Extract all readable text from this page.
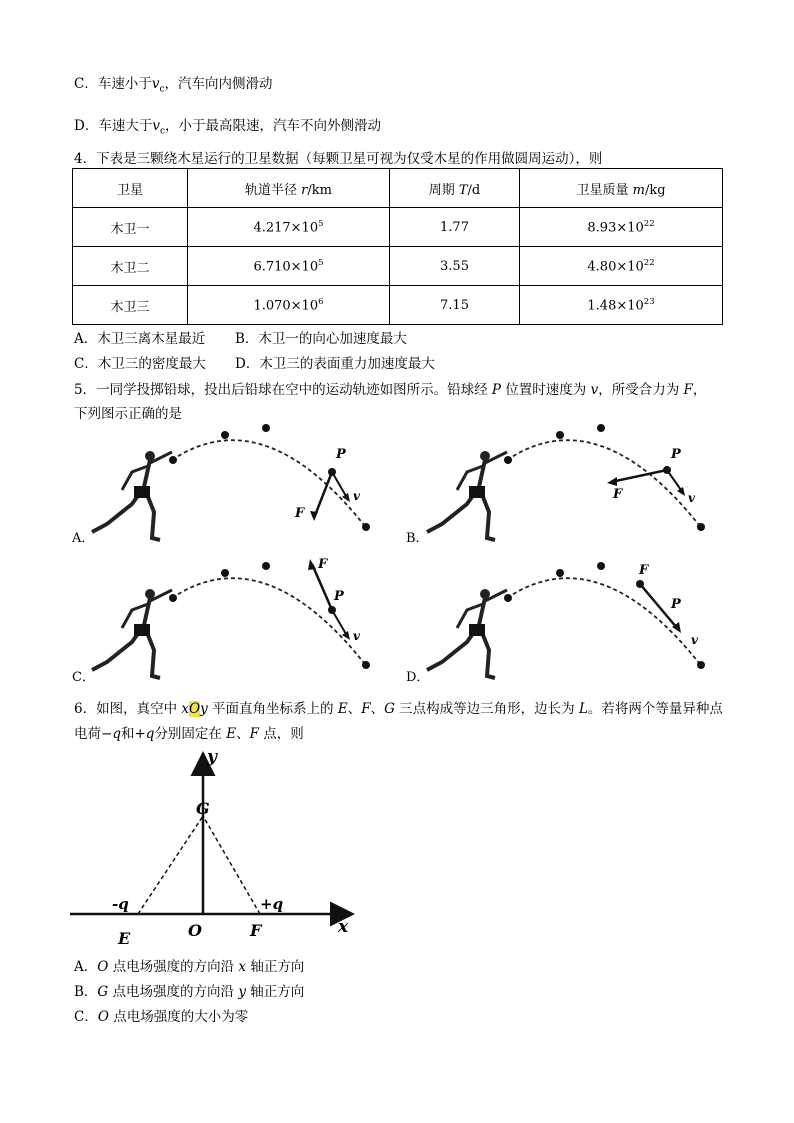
C．车速小于$v_c$，汽车向内侧滑动
D．车速大于$v_c$，小于最高限速，汽车不向外侧滑动
4．下表是三颗绕木星运行的卫星数据（每颗卫星可视为仅受木星的作用做圆周运动），则
卫星	轨道半径 r/km	周期 T/d	卫星质量 m/kg
木卫一	$4.217\times 10^5$	1.77	$8.93\times 10^{22}$
木卫二	$6.710\times 10^5$	3.55	$4.80\times 10^{22}$
木卫三	$1.070\times 10^6$	7.15	$1.48\times 10^{23}$
A．木卫三离木星最近 B．木卫一的向心加速度最大
C．木卫三的密度最大 D．木卫三的表面重力加速度最大
5．一同学投掷铅球，投出后铅球在空中的运动轨迹如图所示。铅球经 P 位置时速度为 v，所受合力为 F，
下列图示正确的是
P
v
F
A．
P
v
F
B．
P
v
F
C．
F
P
v
D．
6．如图，真空中 xOy 平面直角坐标系上的 E、F、G 三点构成等边三角形，边长为 L。若将两个等量异种点
电荷−q和+q分别固定在 E、F 点，则
y
x
G
O
E	F
-q	+q
A．O 点电场强度的方向沿 x 轴正方向
B．G 点电场强度的方向沿 y 轴正方向
C．O 点电场强度的大小为零
